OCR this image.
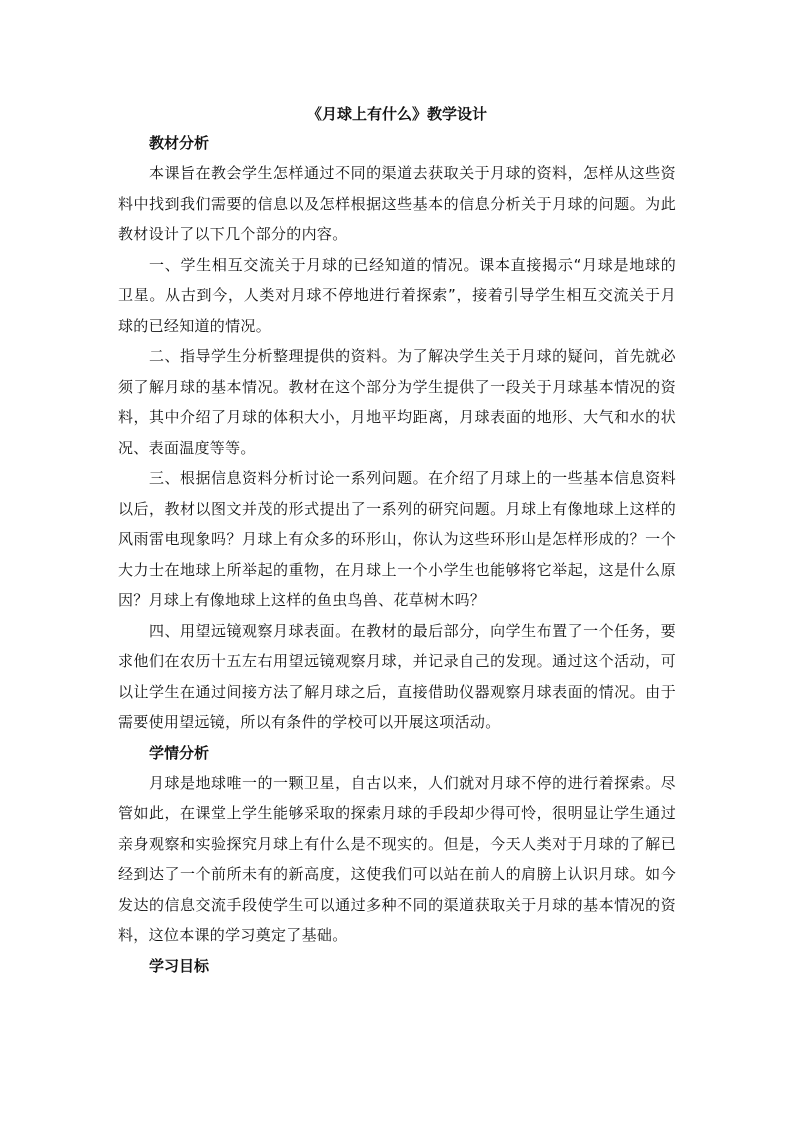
《月球上有什么》教学设计
教材分析

本课旨在教会学生怎样通过不同的渠道去获取关于月球的资料，怎样从这些资料中找到我们需要的信息以及怎样根据这些基本的信息分析关于月球的问题。为此教材设计了以下几个部分的内容。

一、学生相互交流关于月球的已经知道的情况。课本直接揭示“月球是地球的卫星。从古到今，人类对月球不停地进行着探索”，接着引导学生相互交流关于月球的已经知道的情况。

二、指导学生分析整理提供的资料。为了解决学生关于月球的疑问，首先就必须了解月球的基本情况。教材在这个部分为学生提供了一段关于月球基本情况的资料，其中介绍了月球的体积大小，月地平均距离，月球表面的地形、大气和水的状况、表面温度等等。

三、根据信息资料分析讨论一系列问题。在介绍了月球上的一些基本信息资料以后，教材以图文并茂的形式提出了一系列的研究问题。月球上有像地球上这样的风雨雷电现象吗？月球上有众多的环形山，你认为这些环形山是怎样形成的？一个大力士在地球上所举起的重物，在月球上一个小学生也能够将它举起，这是什么原因？月球上有像地球上这样的鱼虫鸟兽、花草树木吗？

四、用望远镜观察月球表面。在教材的最后部分，向学生布置了一个任务，要求他们在农历十五左右用望远镜观察月球，并记录自己的发现。通过这个活动，可以让学生在通过间接方法了解月球之后，直接借助仪器观察月球表面的情况。由于需要使用望远镜，所以有条件的学校可以开展这项活动。

学情分析

月球是地球唯一的一颗卫星，自古以来，人们就对月球不停的进行着探索。尽管如此，在课堂上学生能够采取的探索月球的手段却少得可怜，很明显让学生通过亲身观察和实验探究月球上有什么是不现实的。但是，今天人类对于月球的了解已经到达了一个前所未有的新高度，这使我们可以站在前人的肩膀上认识月球。如今发达的信息交流手段使学生可以通过多种不同的渠道获取关于月球的基本情况的资料，这位本课的学习奠定了基础。

学习目标
